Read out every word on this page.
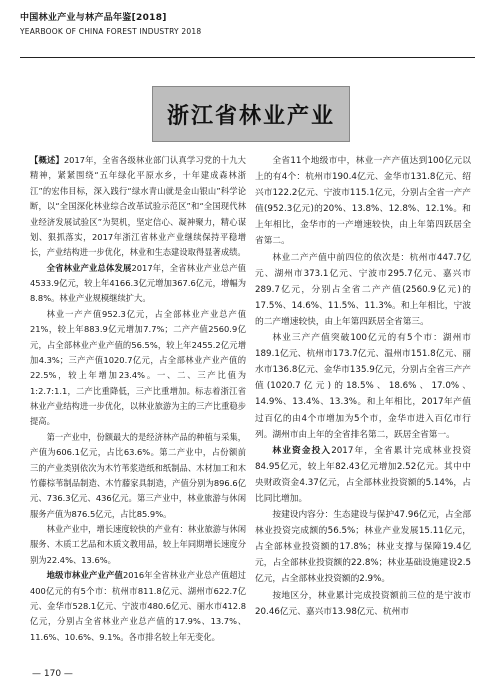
中国林业产业与林产品年鉴[2018]
YEARBOOK OF CHINA FOREST INDUSTRY 2018
浙江省林业产业

【概述】2017年，全省各级林业部门认真学习党的十九大精神，紧紧围绕“五年绿化平原水乡，十年建成森林浙江”的宏伟目标，深入践行“绿水青山就是金山银山”科学论断，以“全国深化林业综合改革试验示范区”和“全国现代林业经济发展试验区”为契机，坚定信心、凝神聚力，精心谋划、狠抓落实，2017年浙江省林业产业继续保持平稳增长，产业结构进一步优化，林业和生态建设取得显著成绩。

全省林业产业总体发展2017年，全省林业产业总产值4533.9亿元，较上年4166.3亿元增加367.6亿元，增幅为8.8%。林业产业规模继续扩大。

林业一产产值952.3亿元，占全部林业产业总产值21%，较上年883.9亿元增加7.7%；二产产值2560.9亿元，占全部林业产业产值的56.5%，较上年2455.2亿元增加4.3%；三产产值1020.7亿元，占全部林业产业产值的22.5%，较上年增加23.4%。一、二、三产比值为1:2.7:1.1，二产比重降低，三产比重增加。标志着浙江省林业产业结构进一步优化，以林业旅游为主的三产比重稳步提高。

第一产业中，份额最大的是经济林产品的种植与采集，产值为606.1亿元，占比63.6%。第二产业中，占份额前三的产业类别依次为木竹苇浆造纸和纸制品、木材加工和木竹藤棕苇制品制造、木竹藤家具制造，产值分别为896.6亿元、736.3亿元、436亿元。第三产业中，林业旅游与休闲服务产值为876.5亿元，占比85.9%。

林业产业中，增长速度较快的产业有：林业旅游与休闲服务、木质工艺品和木质文教用品，较上年同期增长速度分别为22.4%、13.6%。

地级市林业产业产值2016年全省林业产业总产值超过400亿元的有5个市：杭州市811.8亿元、湖州市622.7亿元、金华市528.1亿元、宁波市480.6亿元、丽水市412.8亿元，分别占全省林业产业总产值的17.9%、13.7%、11.6%、10.6%、9.1%。各市排名较上年无变化。

全省11个地级市中，林业一产产值达到100亿元以上的有4个：杭州市190.4亿元、金华市131.8亿元、绍兴市122.2亿元、宁波市115.1亿元，分别占全省一产产值(952.3亿元)的20%、13.8%、12.8%、12.1%。和上年相比，金华市的一产增速较快，由上年第四跃居全省第二。

林业二产产值中前四位的依次是：杭州市447.7亿元、湖州市373.1亿元、宁波市295.7亿元、嘉兴市289.7亿元，分别占全省二产产值(2560.9亿元)的17.5%、14.6%、11.5%、11.3%。和上年相比，宁波的二产增速较快，由上年第四跃居全省第三。

林业三产产值突破100亿元的有5个市：湖州市189.1亿元、杭州市173.7亿元、温州市151.8亿元、丽水市136.8亿元、金华市135.9亿元，分别占全省三产产值(1020.7亿元)的18.5%、18.6%、17.0%、14.9%、13.4%、13.3%。和上年相比，2017年产值过百亿的由4个市增加为5个市，金华市进入百亿市行列。湖州市由上年的全省排名第二，跃居全省第一。

林业资金投入2017年，全省累计完成林业投资84.95亿元，较上年82.43亿元增加2.52亿元。其中中央财政资金4.37亿元，占全部林业投资额的5.14%，占比同比增加。

按建设内容分：生态建设与保护47.96亿元，占全部林业投资完成额的56.5%；林业产业发展15.11亿元，占全部林业投资额的17.8%；林业支撑与保障19.4亿元，占全部林业投资额的22.8%；林业基础设施建设2.5亿元，占全部林业投资额的2.9%。

按地区分，林业累计完成投资额前三位的是宁波市20.46亿元、嘉兴市13.98亿元、杭州市

— 170 —
